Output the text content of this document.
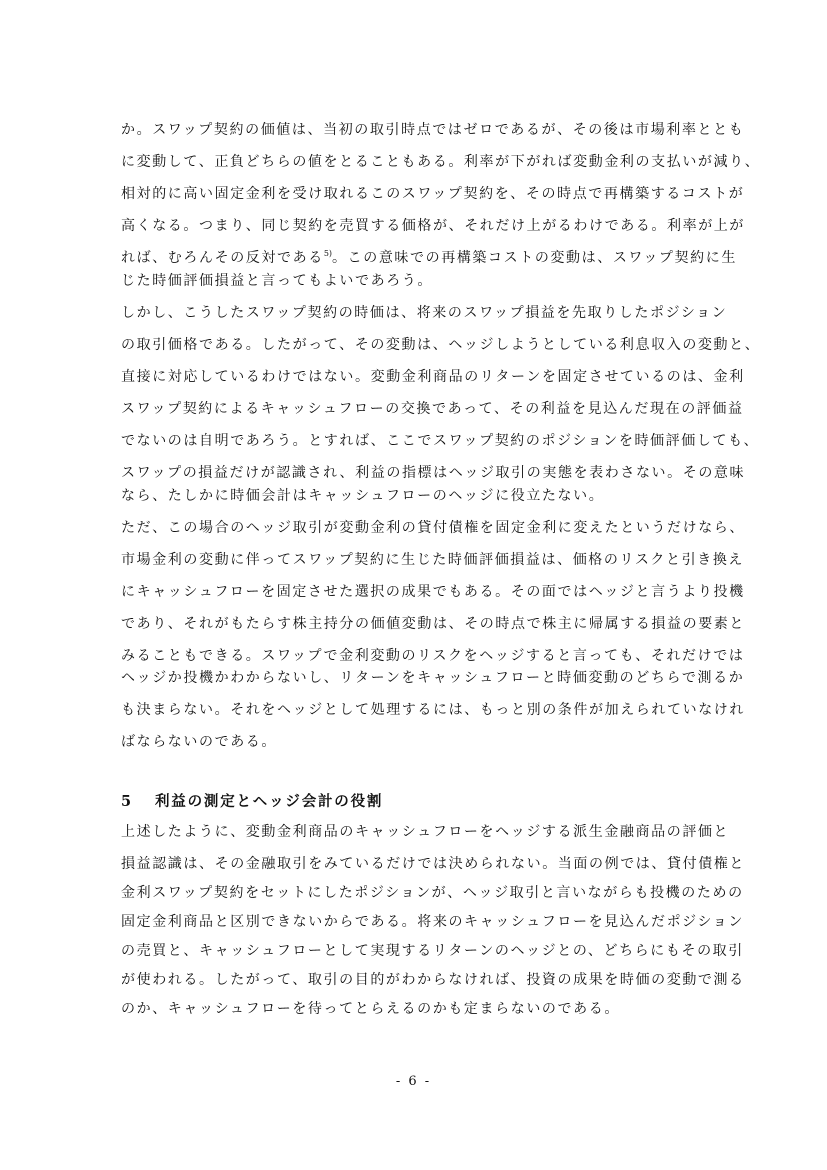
か。スワップ契約の価値は、当初の取引時点ではゼロであるが、その後は市場利率ととも
に変動して、正負どちらの値をとることもある。利率が下がれば変動金利の支払いが減り、
相対的に高い固定金利を受け取れるこのスワップ契約を、その時点で再構築するコストが
高くなる。つまり、同じ契約を売買する価格が、それだけ上がるわけである。利率が上が
れば、むろんその反対である$^{5)}$。この意味での再構築コストの変動は、スワップ契約に生
じた時価評価損益と言ってもよいであろう。
しかし、こうしたスワップ契約の時価は、将来のスワップ損益を先取りしたポジション
の取引価格である。したがって、その変動は、ヘッジしようとしている利息収入の変動と、
直接に対応しているわけではない。変動金利商品のリターンを固定させているのは、金利
スワップ契約によるキャッシュフローの交換であって、その利益を見込んだ現在の評価益
でないのは自明であろう。とすれば、ここでスワップ契約のポジションを時価評価しても、
スワップの損益だけが認識され、利益の指標はヘッジ取引の実態を表わさない。その意味
なら、たしかに時価会計はキャッシュフローのヘッジに役立たない。
ただ、この場合のヘッジ取引が変動金利の貸付債権を固定金利に変えたというだけなら、
市場金利の変動に伴ってスワップ契約に生じた時価評価損益は、価格のリスクと引き換え
にキャッシュフローを固定させた選択の成果でもある。その面ではヘッジと言うより投機
であり、それがもたらす株主持分の価値変動は、その時点で株主に帰属する損益の要素と
みることもできる。スワップで金利変動のリスクをヘッジすると言っても、それだけでは
ヘッジか投機かわからないし、リターンをキャッシュフローと時価変動のどちらで測るか
も決まらない。それをヘッジとして処理するには、もっと別の条件が加えられていなけれ
ばならないのである。
5 利益の測定とヘッジ会計の役割
上述したように、変動金利商品のキャッシュフローをヘッジする派生金融商品の評価と
損益認識は、その金融取引をみているだけでは決められない。当面の例では、貸付債権と
金利スワップ契約をセットにしたポジションが、ヘッジ取引と言いながらも投機のための
固定金利商品と区別できないからである。将来のキャッシュフローを見込んだポジション
の売買と、キャッシュフローとして実現するリターンのヘッジとの、どちらにもその取引
が使われる。したがって、取引の目的がわからなければ、投資の成果を時価の変動で測る
のか、キャッシュフローを待ってとらえるのかも定まらないのである。
- 6 -
